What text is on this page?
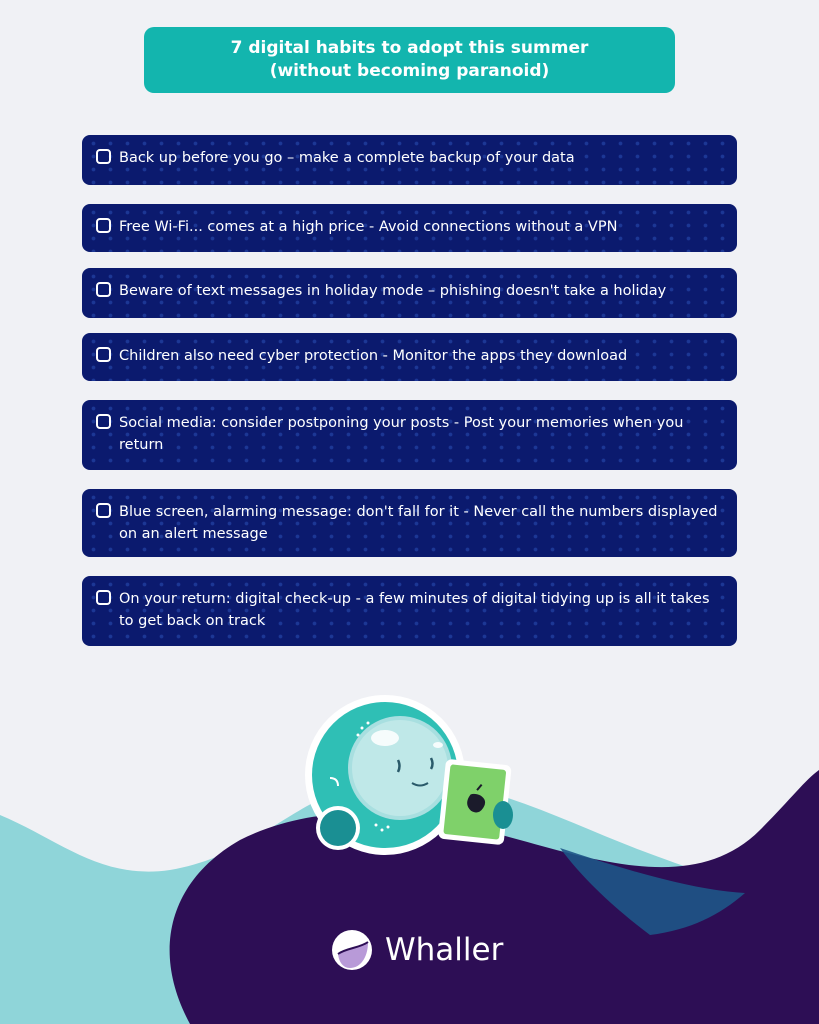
7 digital habits to adopt this summer
(without becoming paranoid)
Back up before you go – make a complete backup of your data
Free Wi-Fi... comes at a high price - Avoid connections without a VPN
Beware of text messages in holiday mode – phishing doesn't take a holiday
Children also need cyber protection - Monitor the apps they download
Social media: consider postponing your posts - Post your memories when you return
Blue screen, alarming message: don't fall for it - Never call the numbers displayed on an alert message
On your return: digital check-up - a few minutes of digital tidying up is all it takes to get back on track
Whaller
